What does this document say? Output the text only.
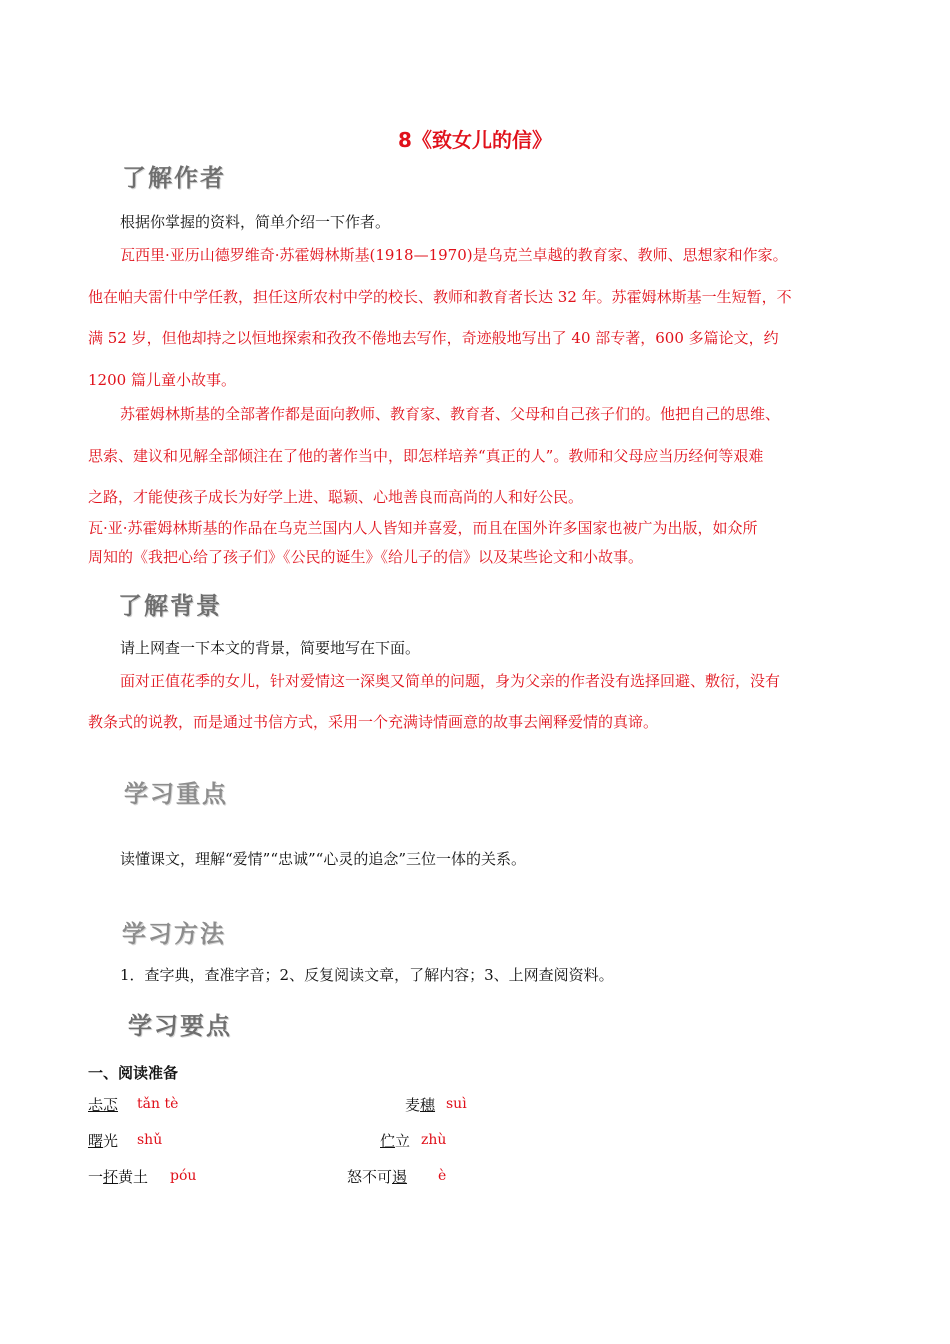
8《致女儿的信》
了解作者
根据你掌握的资料，简单介绍一下作者。
瓦西里·亚历山德罗维奇·苏霍姆林斯基(1918—1970)是乌克兰卓越的教育家、教师、思想家和作家。
他在帕夫雷什中学任教，担任这所农村中学的校长、教师和教育者长达 32 年。苏霍姆林斯基一生短暂，不
满 52 岁，但他却持之以恒地探索和孜孜不倦地去写作，奇迹般地写出了 40 部专著，600 多篇论文，约
1200 篇儿童小故事。
苏霍姆林斯基的全部著作都是面向教师、教育家、教育者、父母和自己孩子们的。他把自己的思维、
思索、建议和见解全部倾注在了他的著作当中，即怎样培养“真正的人”。教师和父母应当历经何等艰难
之路，才能使孩子成长为好学上进、聪颖、心地善良而高尚的人和好公民。
瓦·亚·苏霍姆林斯基的作品在乌克兰国内人人皆知并喜爱，而且在国外许多国家也被广为出版，如众所
周知的《我把心给了孩子们》《公民的诞生》《给儿子的信》以及某些论文和小故事。
了解背景
请上网查一下本文的背景，简要地写在下面。
面对正值花季的女儿，针对爱情这一深奥又简单的问题，身为父亲的作者没有选择回避、敷衍，没有
教条式的说教，而是通过书信方式，采用一个充满诗情画意的故事去阐释爱情的真谛。
学习重点
读懂课文，理解“爱情”“忠诚”“心灵的追念”三位一体的关系。
学习方法
1．查字典，查准字音；2、反复阅读文章，了解内容；3、上网查阅资料。
学习要点
一、阅读准备
忐忑 tǎn tè	麦穗 suì
曙光 shǔ	伫立 zhù
一抔黄土 póu	怒不可遏 è
